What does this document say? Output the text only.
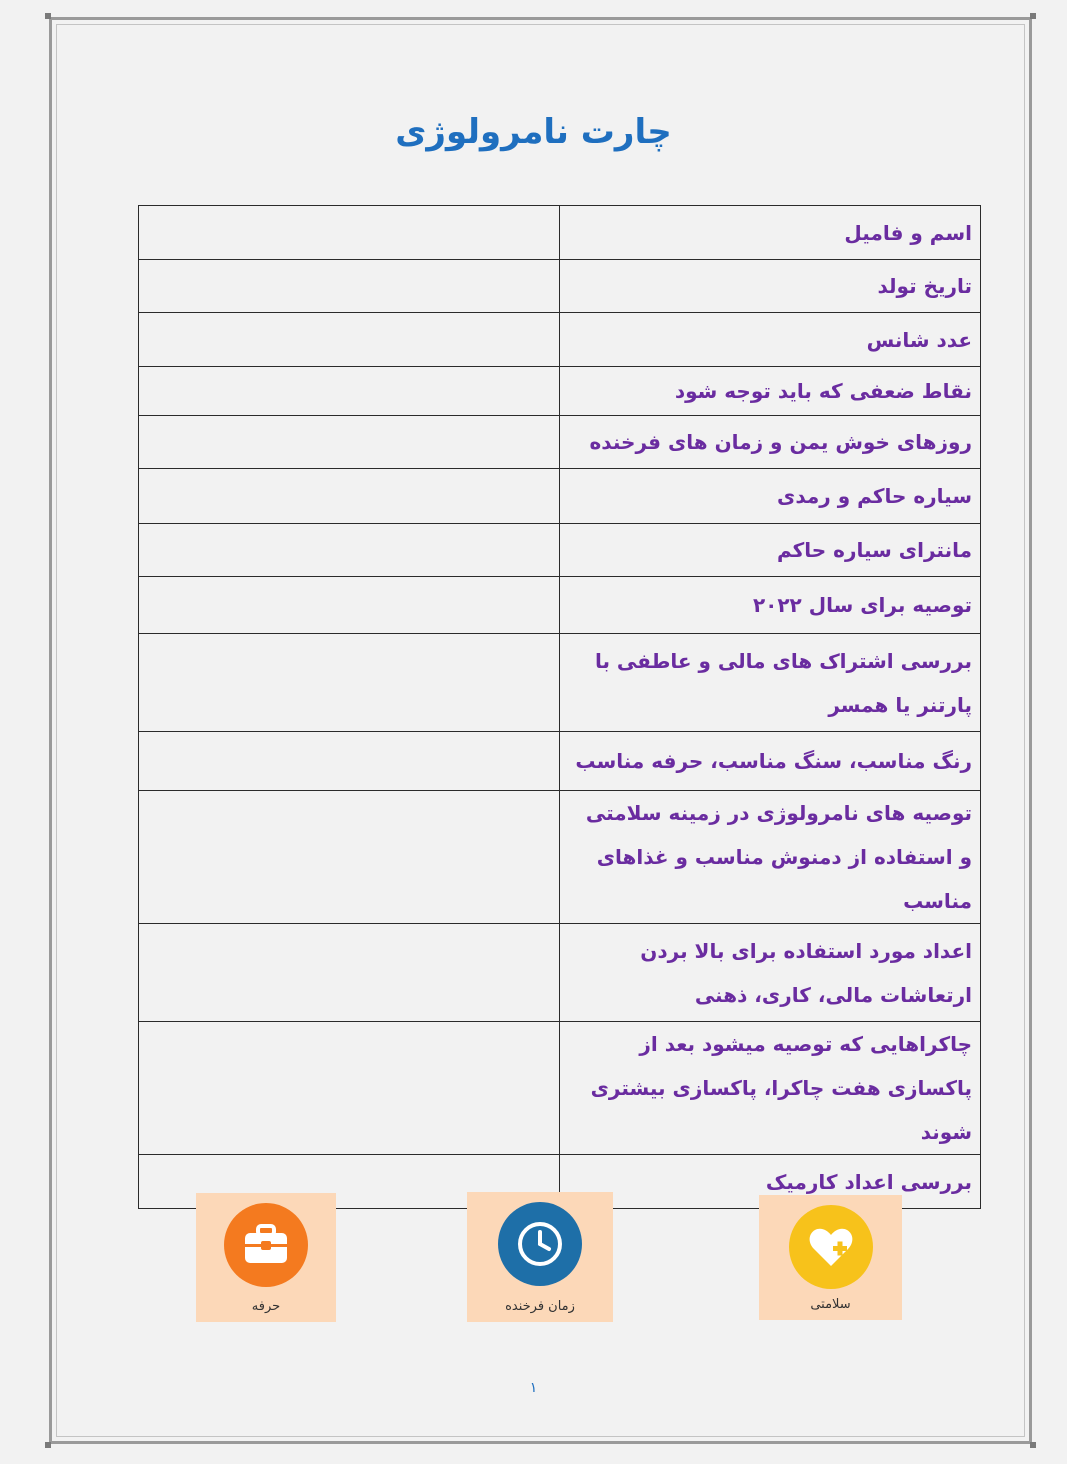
چارت نامرولوژی
اسم و فامیل	
تاریخ تولد	
عدد شانس	
نقاط ضعفی که باید توجه شود	
روزهای خوش یمن و زمان های فرخنده	
سیاره حاکم و رمدی	
مانترای سیاره حاکم	
توصیه برای سال ۲۰۲۲	
بررسی اشتراک های مالی و عاطفی با پارتنر یا همسر	
رنگ مناسب، سنگ مناسب، حرفه مناسب	
توصیه های نامرولوژی در زمینه سلامتی و استفاده از دمنوش مناسب و غذاهای مناسب	
اعداد مورد استفاده برای بالا بردن ارتعاشات مالی، کاری، ذهنی	
چاکراهایی که توصیه میشود بعد از پاکسازی هفت چاکرا، پاکسازی بیشتری شوند	
بررسی اعداد کارمیک	
حرفه	زمان فرخنده	سلامتی
۱
